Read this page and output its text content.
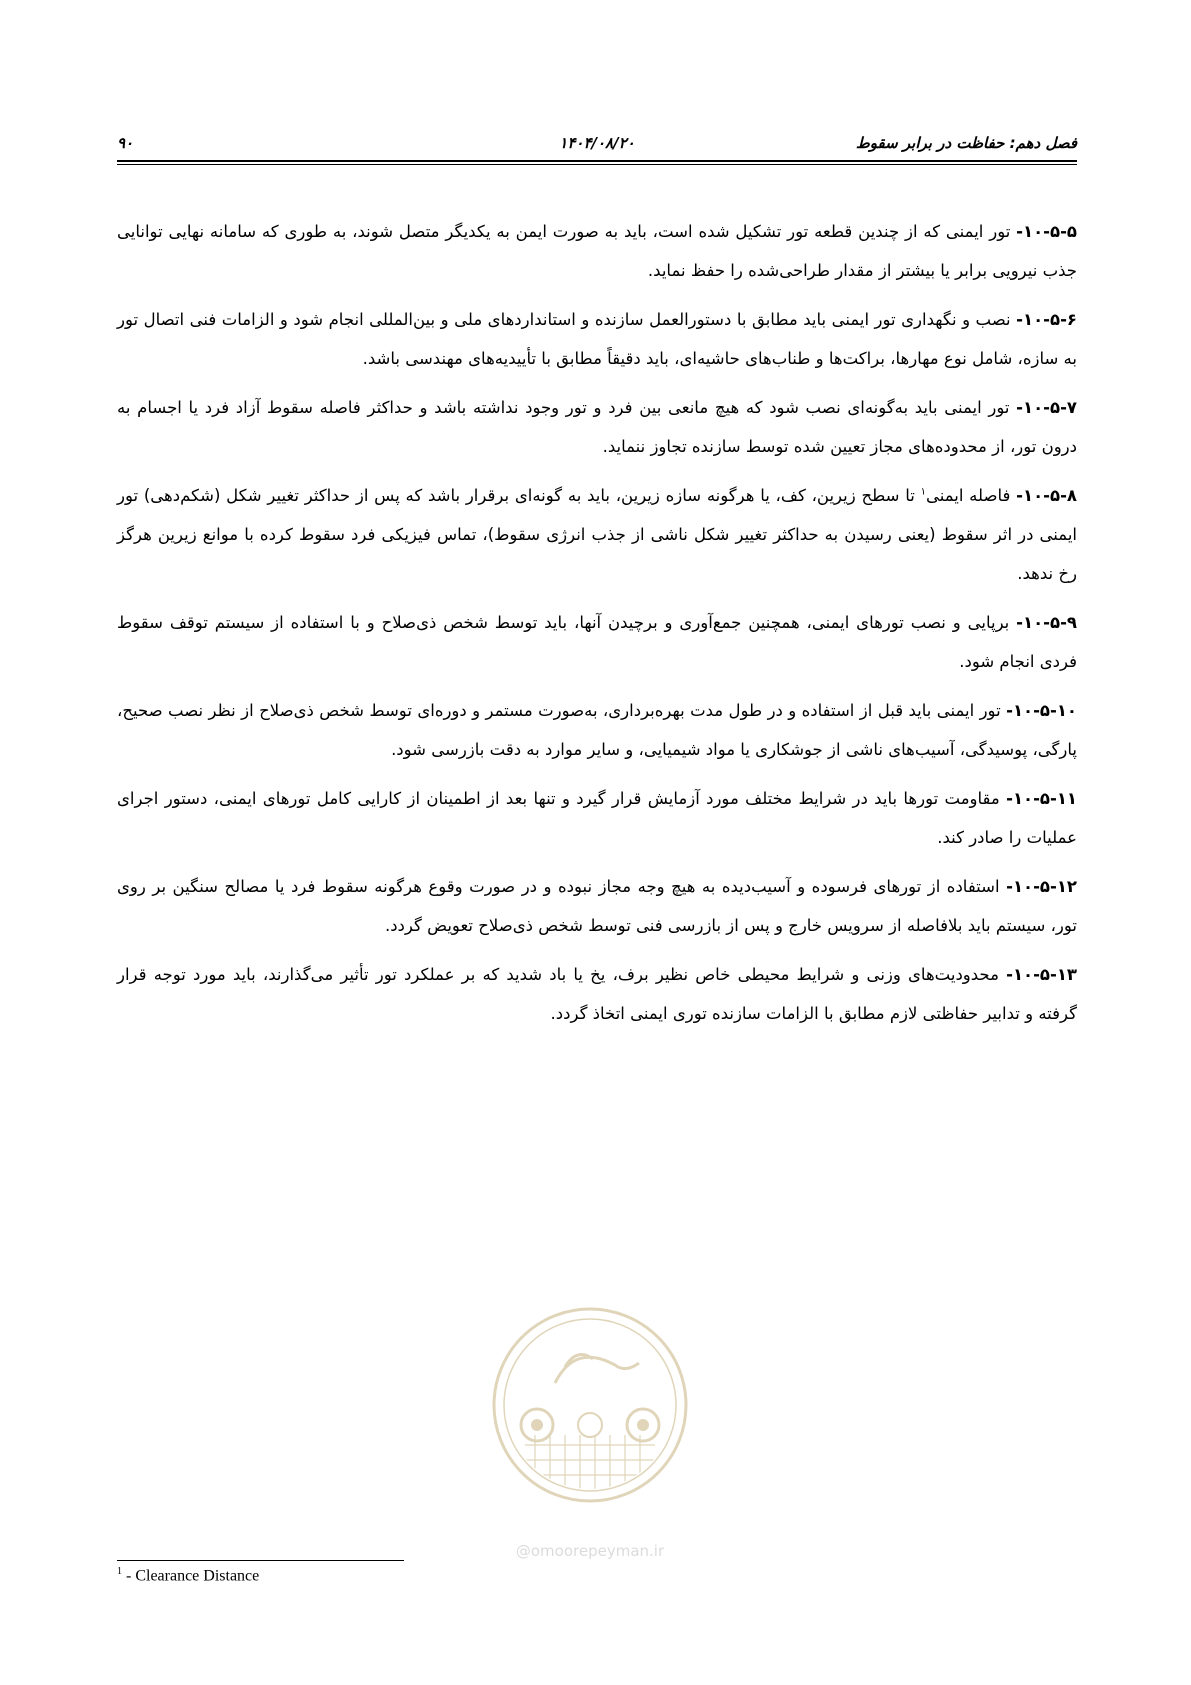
فصل دهم: حفاظت در برابر سقوط
۱۴۰۴/۰۸/۲۰
۹۰

۱۰-۵-۵- تور ایمنی که از چندین قطعه تور تشکیل شده است، باید به صورت ایمن به یکدیگر متصل شوند، به طوری که سامانه نهایی توانایی جذب نیرویی برابر یا بیشتر از مقدار طراحی‌شده را حفظ نماید.

۱۰-۵-۶- نصب و نگهداری تور ایمنی باید مطابق با دستورالعمل سازنده و استانداردهای ملی و بین‌المللی انجام شود و الزامات فنی اتصال تور به سازه، شامل نوع مهارها، براکت‌ها و طناب‌های حاشیه‌ای، باید دقیقاً مطابق با تأییدیه‌های مهندسی باشد.

۱۰-۵-۷- تور ایمنی باید به‌گونه‌ای نصب شود که هیچ مانعی بین فرد و تور وجود نداشته باشد و حداکثر فاصله سقوط آزاد فرد یا اجسام به درون تور، از محدوده‌های مجاز تعیین شده توسط سازنده تجاوز ننماید.

۱۰-۵-۸- فاصله ایمنی$^۱$ تا سطح زیرین، کف، یا هرگونه سازه زیرین، باید به گونه‌ای برقرار باشد که پس از حداکثر تغییر شکل (شکم‌دهی) تور ایمنی در اثر سقوط (یعنی رسیدن به حداکثر تغییر شکل ناشی از جذب انرژی سقوط)، تماس فیزیکی فرد سقوط کرده با موانع زیرین هرگز رخ ندهد.

۱۰-۵-۹- برپایی و نصب تورهای ایمنی، همچنین جمع‌آوری و برچیدن آنها، باید توسط شخص ذی‌صلاح و با استفاده از سیستم توقف سقوط فردی انجام شود.

۱۰-۵-۱۰- تور ایمنی باید قبل از استفاده و در طول مدت بهره‌برداری، به‌صورت مستمر و دوره‌ای توسط شخص ذی‌صلاح از نظر نصب صحیح، پارگی، پوسیدگی، آسیب‌های ناشی از جوشکاری یا مواد شیمیایی، و سایر موارد به دقت بازرسی شود.

۱۰-۵-۱۱- مقاومت تورها باید در شرایط مختلف مورد آزمایش قرار گیرد و تنها بعد از اطمینان از کارایی کامل تورهای ایمنی، دستور اجرای عملیات را صادر کند.

۱۰-۵-۱۲- استفاده از تورهای فرسوده و آسیب‌دیده به هیچ وجه مجاز نبوده و در صورت وقوع هرگونه سقوط فرد یا مصالح سنگین بر روی تور، سیستم باید بلافاصله از سرویس خارج و پس از بازرسی فنی توسط شخص ذی‌صلاح تعویض گردد.

۱۰-۵-۱۳- محدودیت‌های وزنی و شرایط محیطی خاص نظیر برف، یخ یا باد شدید که بر عملکرد تور تأثیر می‌گذارند، باید مورد توجه قرار گرفته و تدابیر حفاظتی لازم مطابق با الزامات سازنده توری ایمنی اتخاذ گردد.

@omoorepeyman.ir
$^1$ - Clearance Distance
